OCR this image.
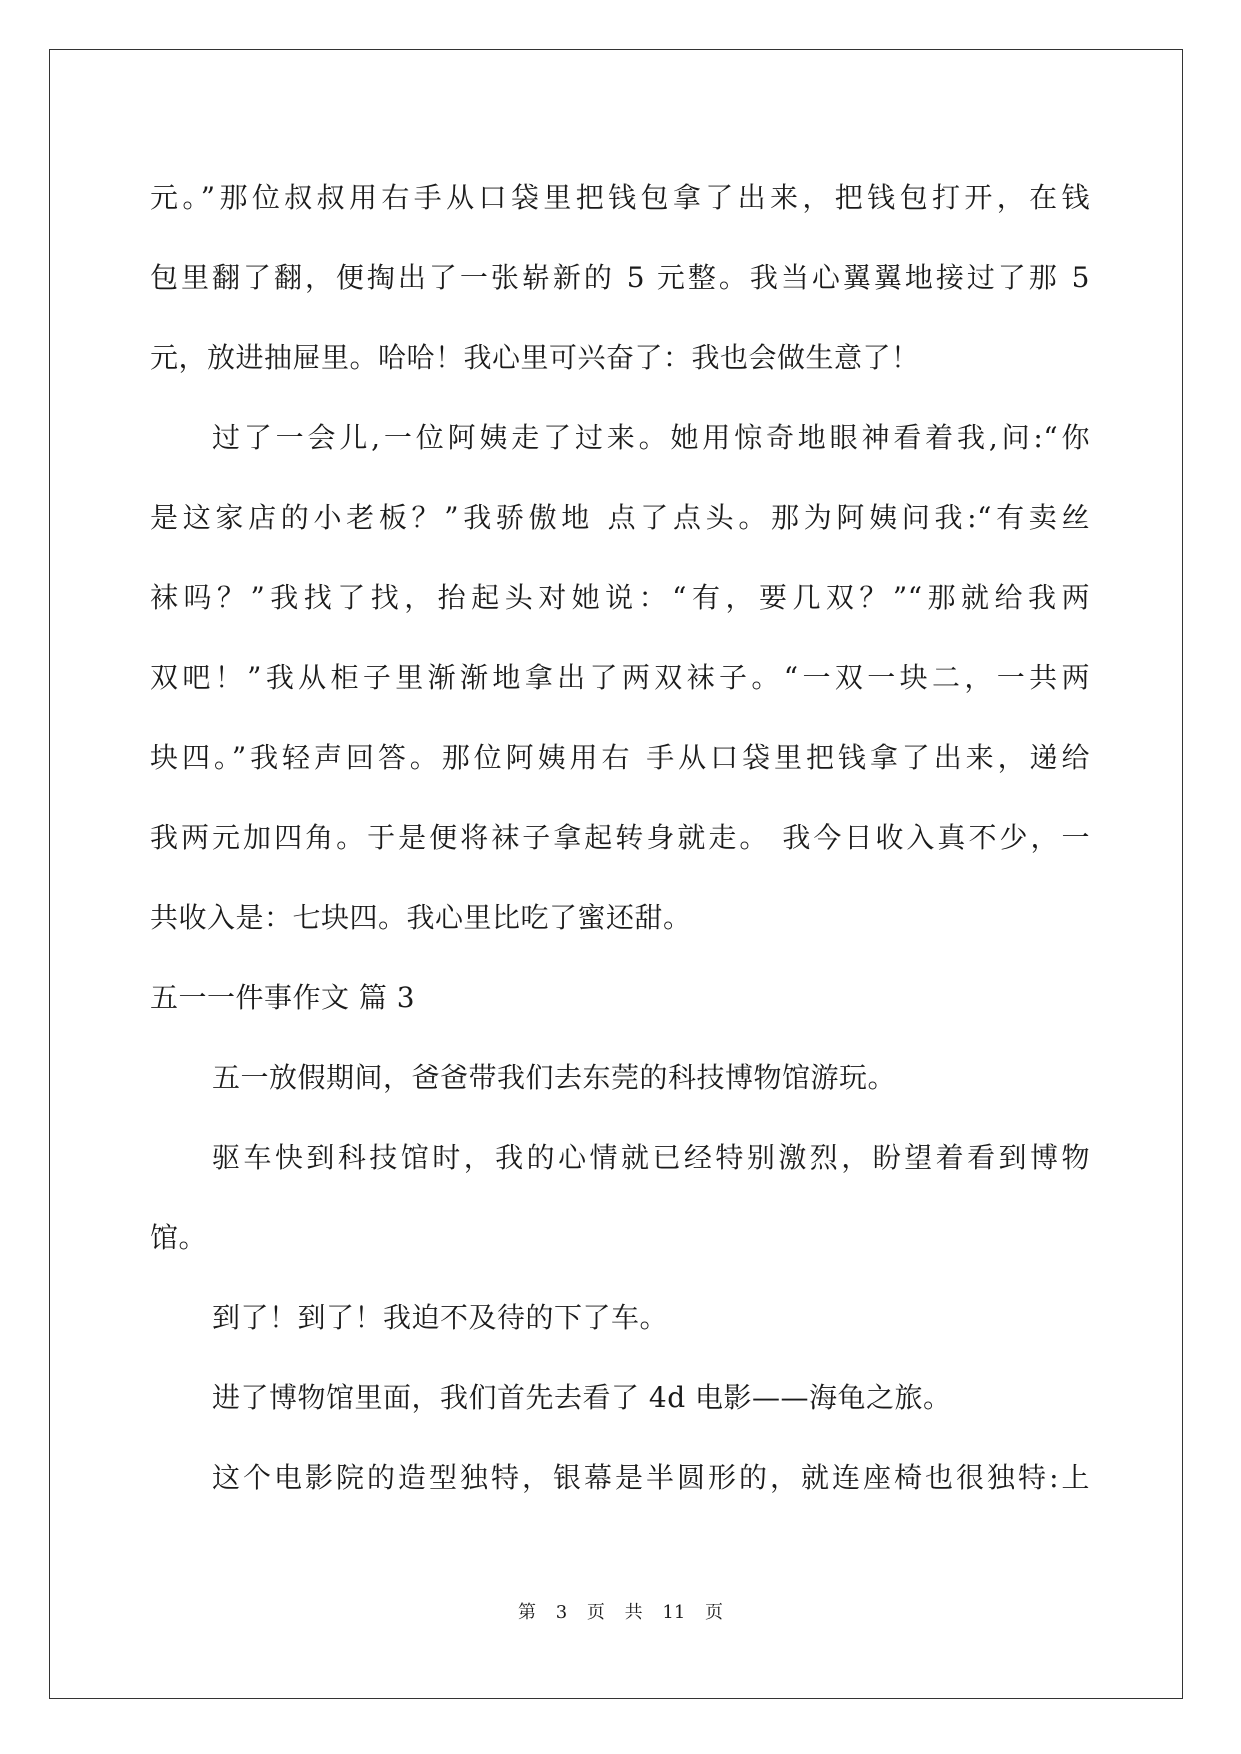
元。”那位叔叔用右手从口袋里把钱包拿了出来，把钱包打开，在钱
包里翻了翻，便掏出了一张崭新的 5 元整。我当心翼翼地接过了那 5
元，放进抽屉里。哈哈！我心里可兴奋了：我也会做生意了！
过了一会儿,一位阿姨走了过来。她用惊奇地眼神看着我,问:“你
是这家店的小老板？”我骄傲地 点了点头。那为阿姨问我:“有卖丝
袜吗？”我找了找，抬起头对她说：“有，要几双？”“那就给我两
双吧！”我从柜子里渐渐地拿出了两双袜子。“一双一块二，一共两
块四。”我轻声回答。那位阿姨用右 手从口袋里把钱拿了出来，递给
我两元加四角。于是便将袜子拿起转身就走。 我今日收入真不少，一
共收入是：七块四。我心里比吃了蜜还甜。
五一一件事作文 篇 3
五一放假期间，爸爸带我们去东莞的科技博物馆游玩。
驱车快到科技馆时，我的心情就已经特别激烈，盼望着看到博物
馆。
到了！到了！我迫不及待的下了车。
进了博物馆里面，我们首先去看了 4d 电影——海龟之旅。
这个电影院的造型独特，银幕是半圆形的，就连座椅也很独特:上
第 3 页 共 11 页
